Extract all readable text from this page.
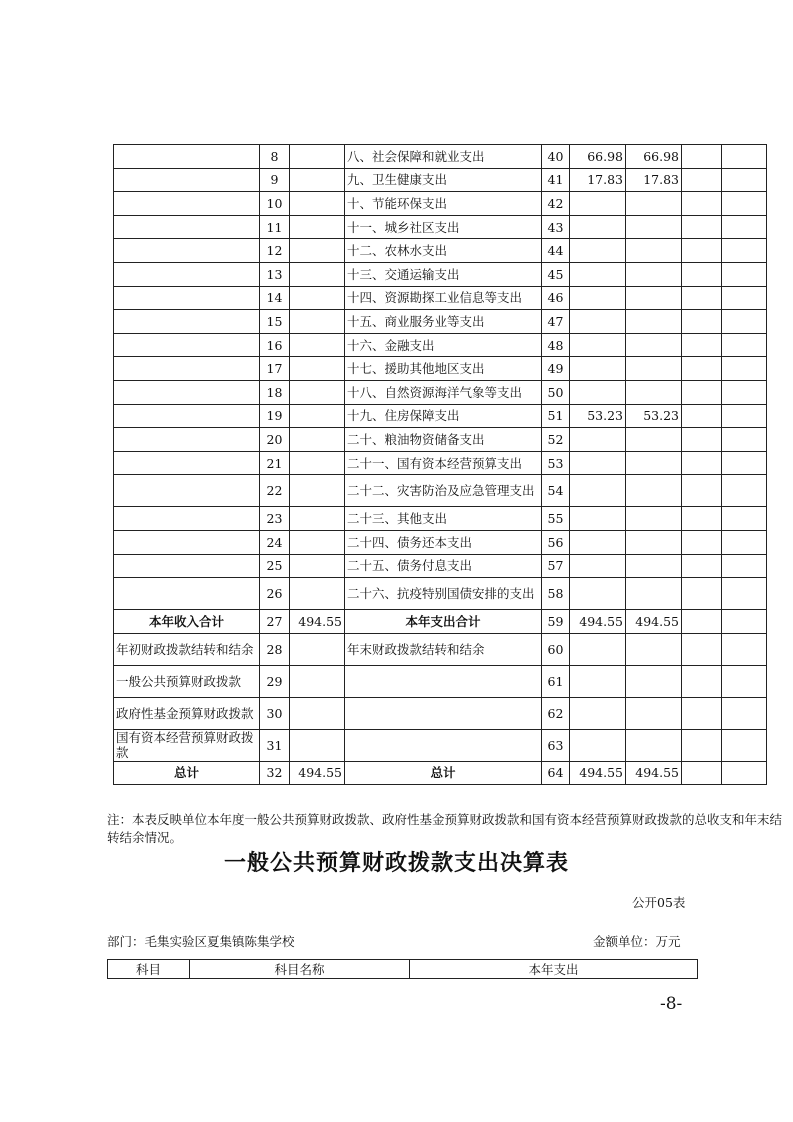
	8		八、社会保障和就业支出	40	66.98	66.98		
	9		九、卫生健康支出	41	17.83	17.83		
	10		十、节能环保支出	42				
	11		十一、城乡社区支出	43				
	12		十二、农林水支出	44				
	13		十三、交通运输支出	45				
	14		十四、资源勘探工业信息等支出	46				
	15		十五、商业服务业等支出	47				
	16		十六、金融支出	48				
	17		十七、援助其他地区支出	49				
	18		十八、自然资源海洋气象等支出	50				
	19		十九、住房保障支出	51	53.23	53.23		
	20		二十、粮油物资储备支出	52				
	21		二十一、国有资本经营预算支出	53				
	22		二十二、灾害防治及应急管理支出	54				
	23		二十三、其他支出	55				
	24		二十四、债务还本支出	56				
	25		二十五、债务付息支出	57				
	26		二十六、抗疫特别国债安排的支出	58				
本年收入合计	27	494.55	本年支出合计	59	494.55	494.55		
年初财政拨款结转和结余	28		年末财政拨款结转和结余	60				
一般公共预算财政拨款	29			61				
政府性基金预算财政拨款	30			62				
国有资本经营预算财政拨款	31			63				
总计	32	494.55	总计	64	494.55	494.55		
注：本表反映单位本年度一般公共预算财政拨款、政府性基金预算财政拨款和国有资本经营预算财政拨款的总收支和年末结转结余情况。
一般公共预算财政拨款支出决算表
公开05表
部门：毛集实验区夏集镇陈集学校	金额单位：万元
科目	科目名称	本年支出
-8-
